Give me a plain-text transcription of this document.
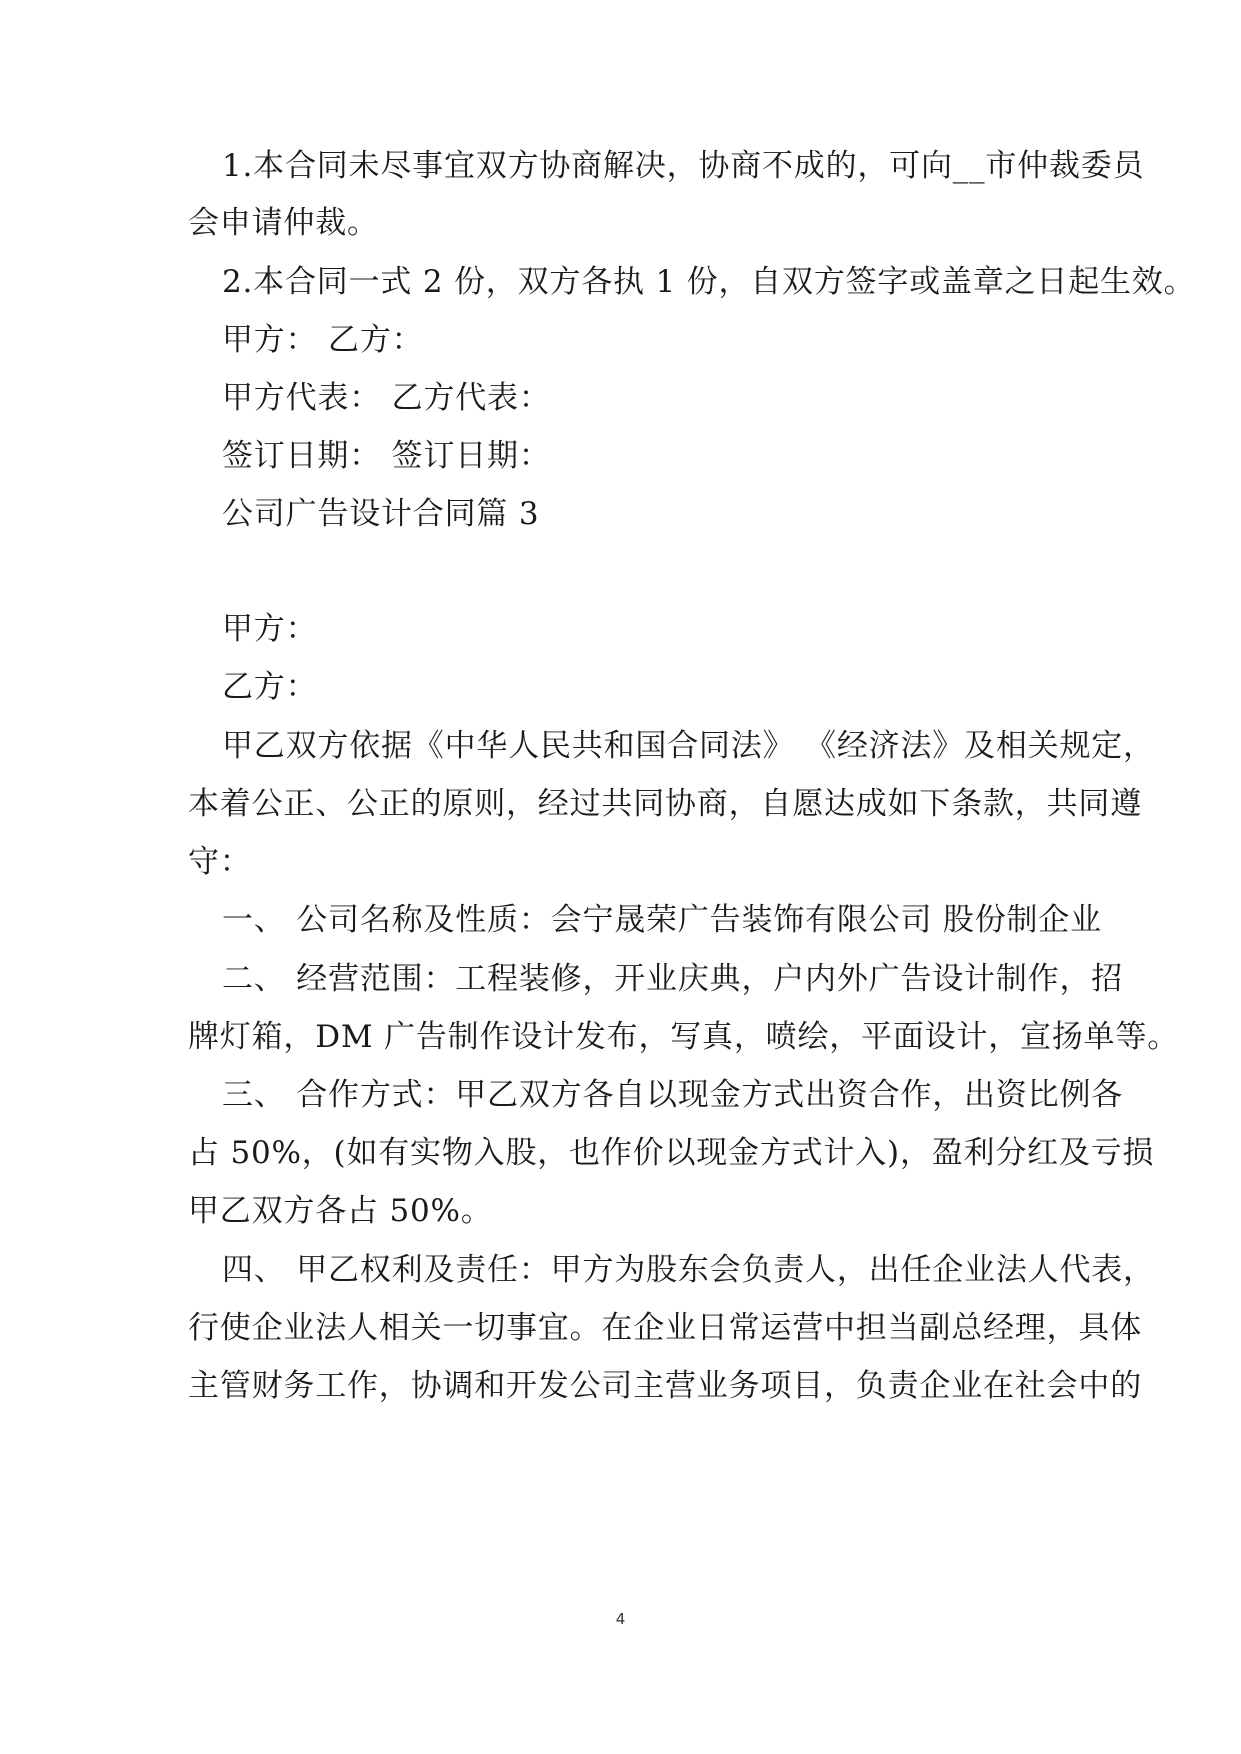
1.本合同未尽事宜双方协商解决，协商不成的，可向__市仲裁委员
会申请仲裁。
2.本合同一式 2 份，双方各执 1 份，自双方签字或盖章之日起生效。
甲方： 乙方：
甲方代表： 乙方代表：
签订日期： 签订日期：
公司广告设计合同篇 3
甲方：
乙方：
甲乙双方依据《中华人民共和国合同法》 《经济法》及相关规定，
本着公正、公正的原则，经过共同协商，自愿达成如下条款，共同遵
守：
一、 公司名称及性质：会宁晟荣广告装饰有限公司 股份制企业
二、 经营范围：工程装修，开业庆典，户内外广告设计制作，招
牌灯箱，DM 广告制作设计发布，写真，喷绘，平面设计，宣扬单等。
三、 合作方式：甲乙双方各自以现金方式出资合作，出资比例各
占 50%，(如有实物入股，也作价以现金方式计入)，盈利分红及亏损
甲乙双方各占 50%。
四、 甲乙权利及责任：甲方为股东会负责人，出任企业法人代表，
行使企业法人相关一切事宜。在企业日常运营中担当副总经理，具体
主管财务工作，协调和开发公司主营业务项目，负责企业在社会中的
4
